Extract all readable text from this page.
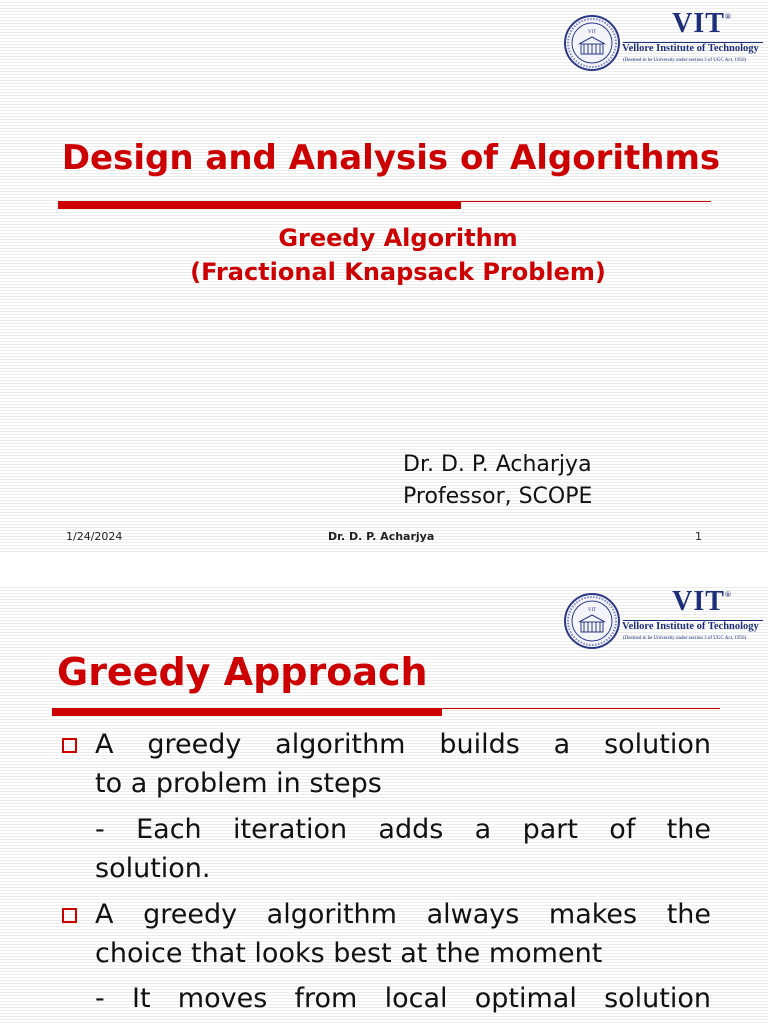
VIT	VIT®
Vellore Institute of Technology
(Deemed to be University under section 3 of UGC Act, 1956)
Design and Analysis of Algorithms
Greedy Algorithm
(Fractional Knapsack Problem)
Dr. D. P. Acharjya
Professor, SCOPE
1/24/2024	Dr. D. P. Acharjya	1
VIT	VIT®
Vellore Institute of Technology
(Deemed to be University under section 3 of UGC Act, 1956)
Greedy Approach
A greedy algorithm builds a solution
to a problem in steps
- Each iteration adds a part of the
solution.
A greedy algorithm always makes the
choice that looks best at the moment
- It moves from local optimal solution
